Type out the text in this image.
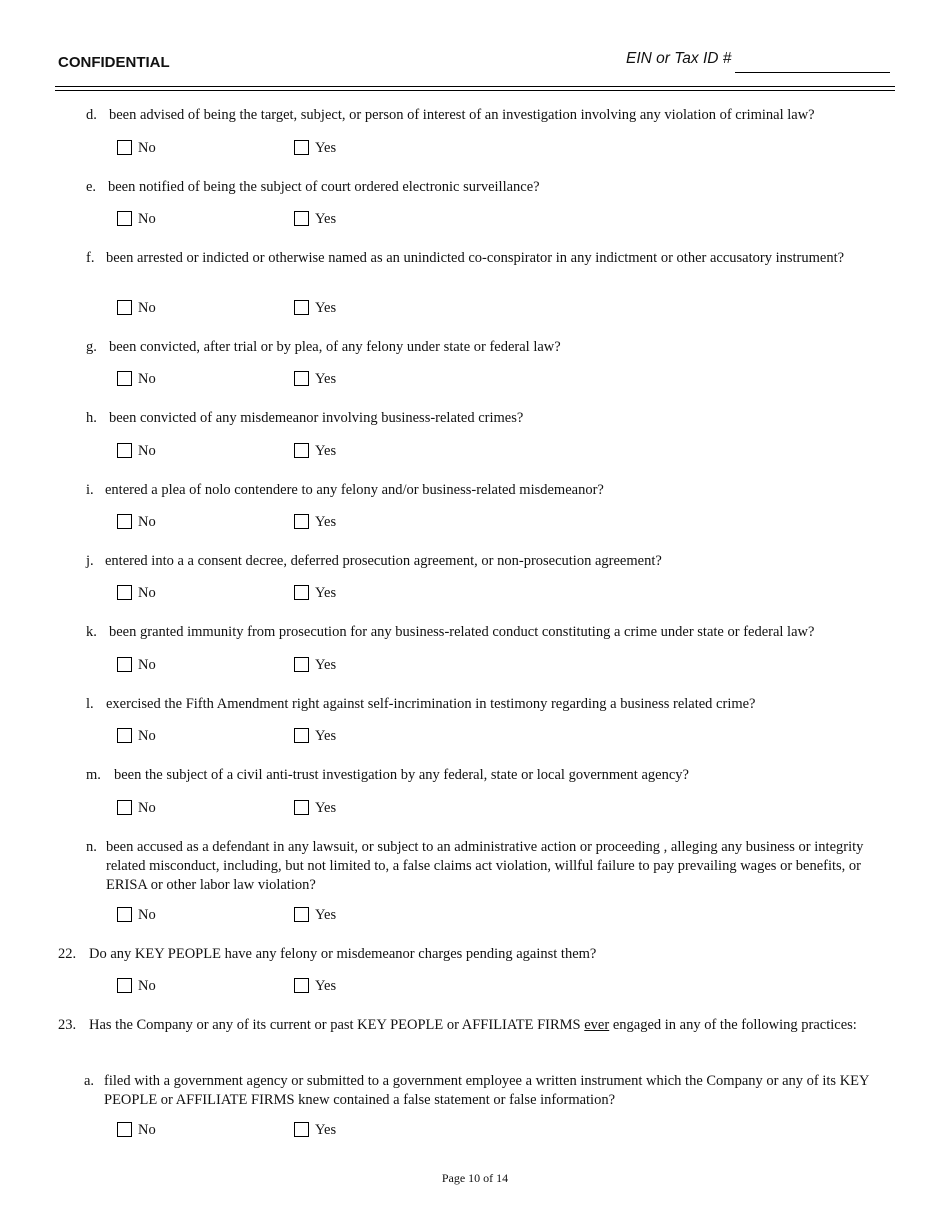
CONFIDENTIAL	EIN or Tax ID #
d. been advised of being the target, subject, or person of interest of an investigation involving any violation of criminal law?
No	Yes
e. been notified of being the subject of court ordered electronic surveillance?
No	Yes
f. been arrested or indicted or otherwise named as an unindicted co-conspirator in any indictment or other accusatory instrument?
No	Yes
g. been convicted, after trial or by plea, of any felony under state or federal law?
No	Yes
h. been convicted of any misdemeanor involving business-related crimes?
No	Yes
i. entered a plea of nolo contendere to any felony and/or business-related misdemeanor?
No	Yes
j. entered into a a consent decree, deferred prosecution agreement, or non-prosecution agreement?
No	Yes
k. been granted immunity from prosecution for any business-related conduct constituting a crime under state or federal law?
No	Yes
l. exercised the Fifth Amendment right against self-incrimination in testimony regarding a business related crime?
No	Yes
m. been the subject of a civil anti-trust investigation by any federal, state or local government agency?
No	Yes
n. been accused as a defendant in any lawsuit, or subject to an administrative action or proceeding , alleging any business or integrity related misconduct, including, but not limited to, a false claims act violation, willful failure to pay prevailing wages or benefits, or ERISA or other labor law violation?
No	Yes
22. Do any KEY PEOPLE have any felony or misdemeanor charges pending against them?
No	Yes
23. Has the Company or any of its current or past KEY PEOPLE or AFFILIATE FIRMS ever engaged in any of the following practices:
a. filed with a government agency or submitted to a government employee a written instrument which the Company or any of its KEY PEOPLE or AFFILIATE FIRMS knew contained a false statement or false information?
No	Yes
Page 10 of 14
